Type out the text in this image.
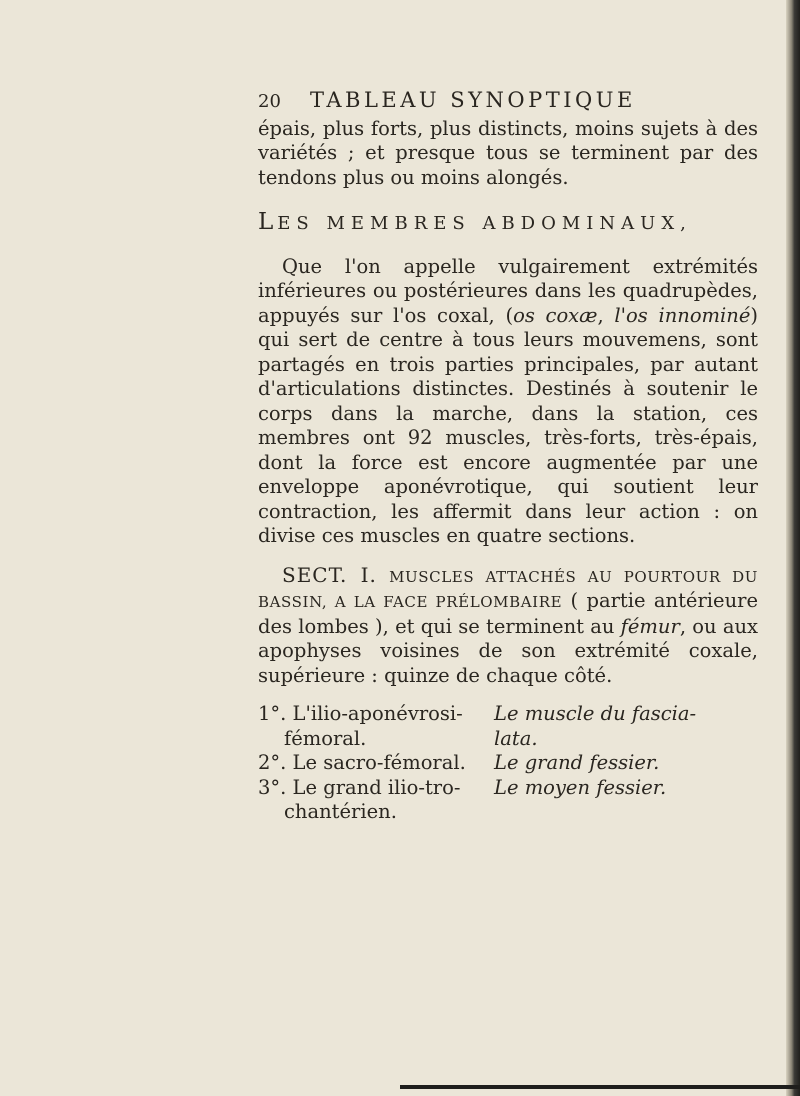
20	TABLEAU SYNOPTIQUE

épais, plus forts, plus distincts, moins sujets à des variétés ; et presque tous se terminent par des tendons plus ou moins alongés.

LES MEMBRES ABDOMINAUX,

Que l'on appelle vulgairement extrémités inférieures ou postérieures dans les quadrupèdes, appuyés sur l'os coxal, (os coxæ, l'os innominé) qui sert de centre à tous leurs mouvemens, sont partagés en trois parties principales, par autant d'articulations distinctes. Destinés à soutenir le corps dans la marche, dans la station, ces membres ont 92 muscles, très-forts, très-épais, dont la force est encore augmentée par une enveloppe aponévrotique, qui soutient leur contraction, les affermit dans leur action : on divise ces muscles en quatre sections.

SECT. I. MUSCLES ATTACHÉS AU POURTOUR DU BASSIN, A LA FACE PRÉLOMBAIRE ( partie antérieure des lombes ), et qui se terminent au fémur, ou aux apophyses voisines de son extrémité coxale, supérieure : quinze de chaque côté.

1°. L'ilio-aponévrosi-	Le muscle du fascia-
fémoral.	lata.
2°. Le sacro-fémoral.	Le grand fessier.
3°. Le grand ilio-tro-	Le moyen fessier.
chantérien.
